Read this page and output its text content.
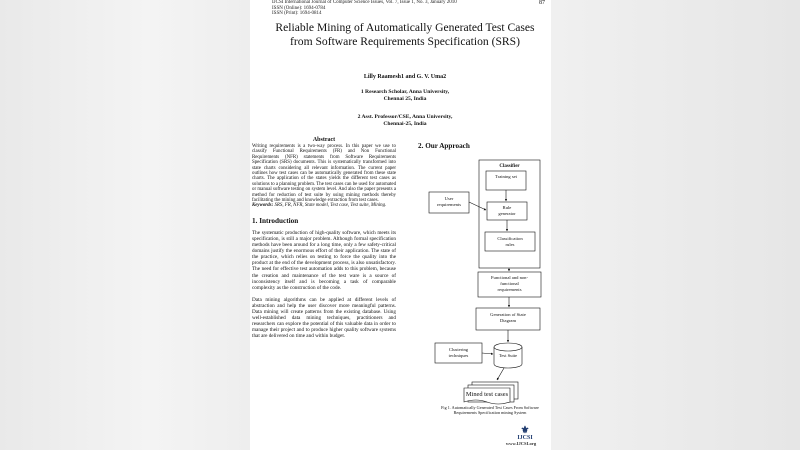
IJCSI International Journal of Computer Science Issues, Vol. 7, Issue 1, No. 3, January 2010
ISSN (Online): 1694-0784
ISSN (Print): 1694-0814
87
Reliable Mining of Automatically Generated Test Cases from Software Requirements Specification (SRS)
Lilly Raamesh1 and G. V. Uma2
1 Research Scholar, Anna University,
Chennai 25, India
2 Asst. Professor/CSE, Anna University,
Chennai-25, India
Abstract

Writing requirements is a two-way process. In this paper we use to classify Functional Requirements (FR) and Non Functional Requirements (NFR) statements from Software Requirements Specification (SRS) documents. This is systematically transformed into state charts considering all relevant information. The current paper outlines how test cases can be automatically generated from these state charts. The application of the states yields the different test cases as solutions to a planning problem. The test cases can be used for automated or manual software testing on system level. And also the paper presents a method for reduction of test suite by using mining methods thereby facilitating the mining and knowledge extraction from test cases.

Keywords: SRS, FR, NFR, State model, Test case, Test suite, Mining.

1. Introduction

The systematic production of high-quality software, which meets its specification, is still a major problem. Although formal specification methods have been around for a long time, only a few safety-critical domains justify the enormous effort of their application. The state of the practice, which relies on testing to force the quality into the product at the end of the development process, is also unsatisfactory. The need for effective test automation adds to this problem, because the creation and maintenance of the test ware is a source of inconsistency itself and is becoming a task of comparable complexity as the construction of the code.

Data mining algorithms can be applied at different levels of abstraction and help the user discover more meaningful patterns. Data mining will create patterns from the existing database. Using well-established data mining techniques, practitioners and researchers can explore the potential of this valuable data in order to manage their project and to produce higher quality software systems that are delivered on time and within budget.

2. Our Approach
Classifier
Training set
Rule
generator
Classification
rules
User
requirements
Functional and non-
functional
requirements
Generation of State
Diagram
Clustering
techniques	Test Suite
Mined test cases
Fig 1. Automatically Generated Test Cases From Software
Requirements Specification mining System
⚜
IJCSI
www.IJCSI.org
